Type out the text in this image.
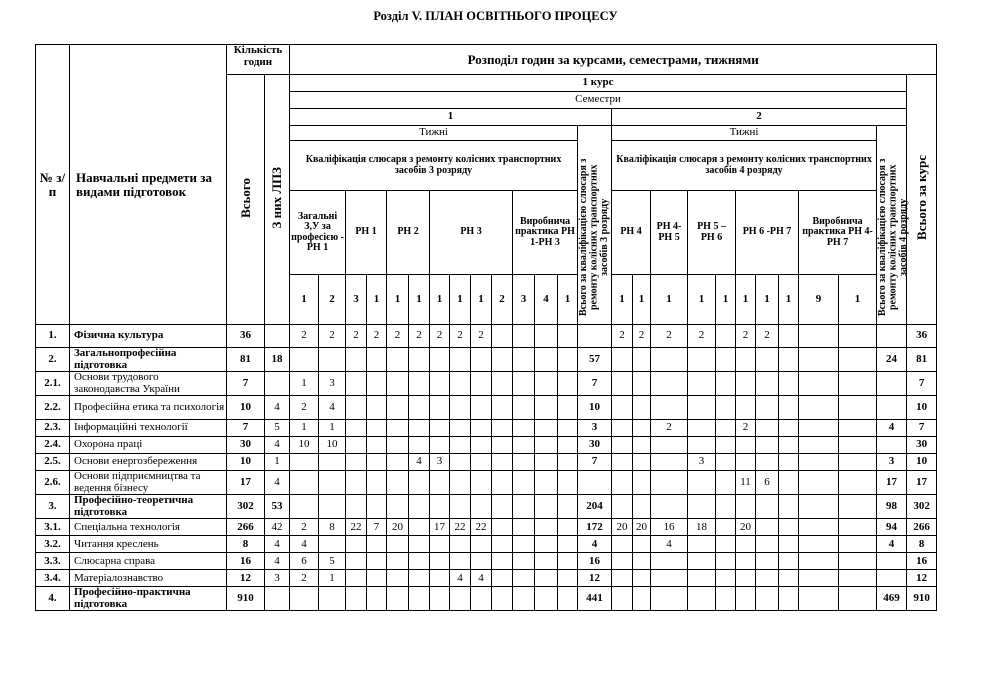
Розділ V. ПЛАН ОСВІТНЬОГО ПРОЦЕСУ
№ з/п	Навчальні предмети за видами підготовок	Кількість годин		Розподіл годин за курсами, семестрами, тижнями																									
		Всього	З них ЛПЗ	1 курс																									Всього за курс
				Семестри																									
				1														2											
				Тижні													Всього за кваліфікацією слюсаря з ремонту колісних транспортних засобів 3 розряду	Тижні										Всього за кваліфікацією слюсаря з ремонту колісних транспортних засобів 4 розряду	
				Кваліфікація слюсаря з ремонту колісних транспортних засобів 3 розряду														Кваліфікація слюсаря з ремонту колісних транспортних засобів 4 розряду											
				Загальні З,У за професією - РН 1		РН 1		РН 2		РН 3				Виробнича практика РН 1-РН 3				РН 4		РН 4-РН 5	РН 5 – РН 6		РН 6 -РН 7			Виробнича практика РН 4-РН 7			
				1	2	3	1	1	1	1	1	1	2	3	4	1		1	1	1	1	1	1	1	1	9	1		
1.	Фізична культура	36		2	2	2	2	2	2	2	2	2						2	2	2	2		2	2					36
2.	Загальнопрофесійна підготовка	81	18														57											24	81
2.1.	Основи трудового законодавства України	7		1	3												7												7
2.2.	Професійна етика та психологія	10	4	2	4												10												10
2.3.	Інформаційні технології	7	5	1	1												3			2			2					4	7
2.4.	Охорона праці	30	4	10	10												30												30
2.5.	Основи енергозбереження	10	1						4	3							7				3							3	10
2.6.	Основи підприємництва та ведення бізнесу	17	4																				11	6				17	17
3.	Професійно-теоретична підготовка	302	53														204											98	302
3.1.	Спеціальна технологія	266	42	2	8	22	7	20		17	22	22					172	20	20	16	18		20					94	266
3.2.	Читання креслень	8	4	4													4			4								4	8
3.3.	Слюсарна справа	16	4	6	5												16												16
3.4.	Матеріалознавство	12	3	2	1						4	4					12												12
4.	Професійно-практична підготовка	910															441											469	910
